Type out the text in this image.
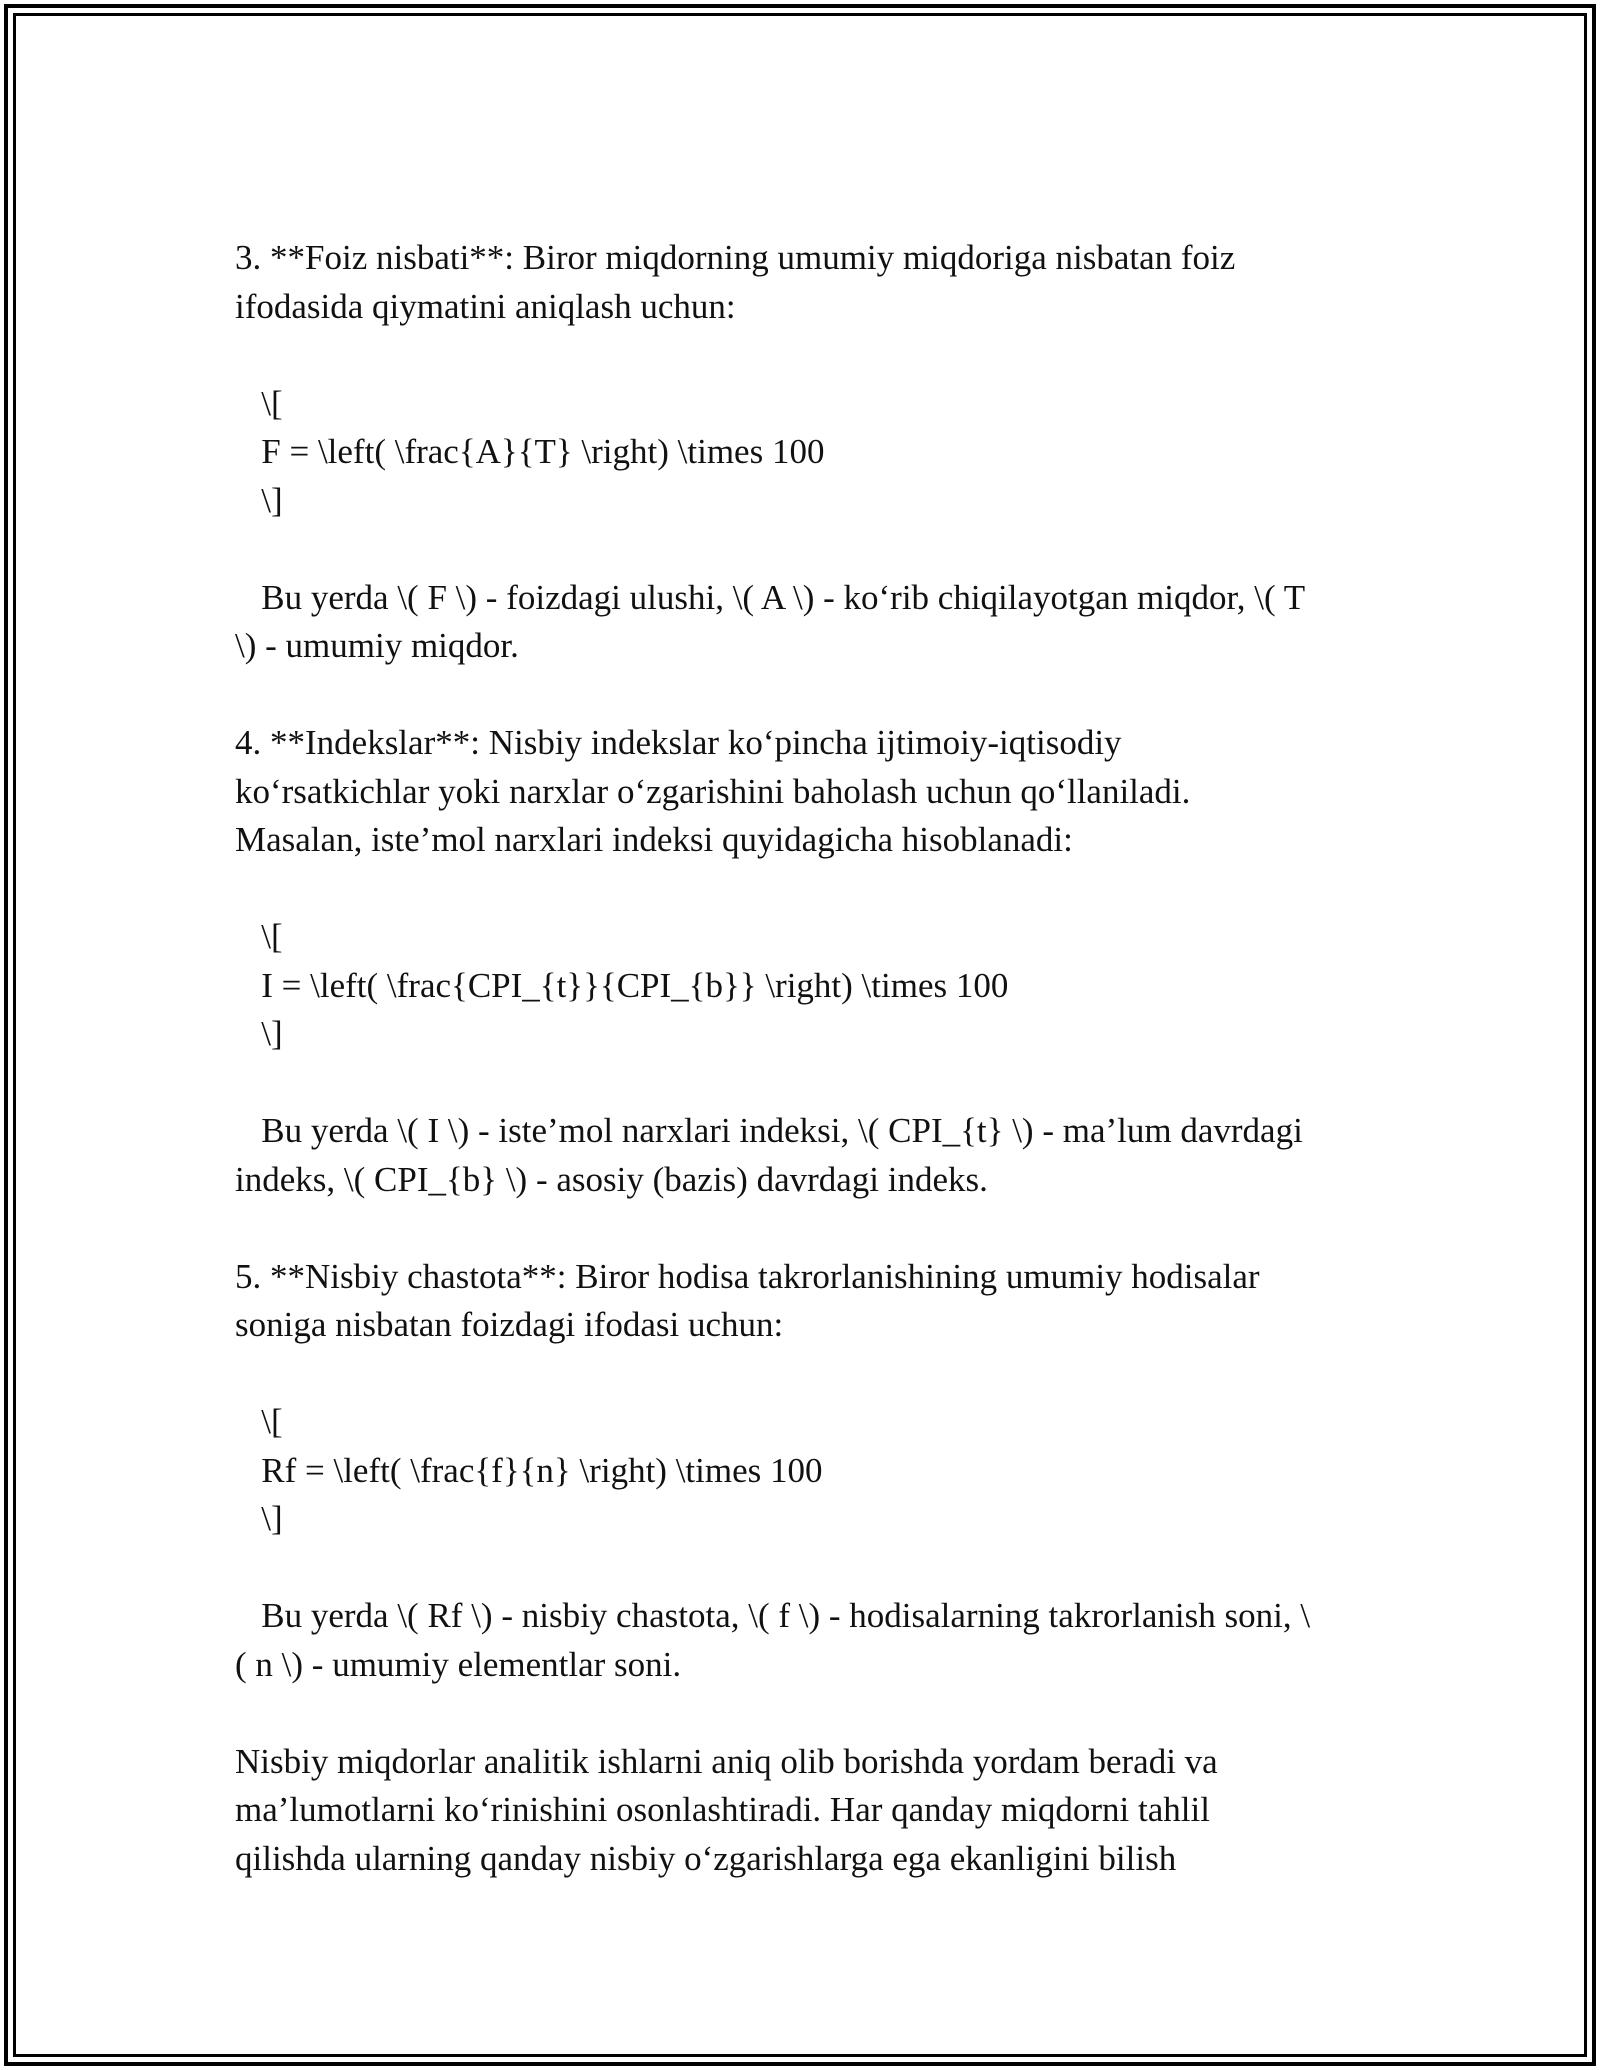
3. **Foiz nisbati**: Biror miqdorning umumiy miqdoriga nisbatan foiz
ifodasida qiymatini aniqlash uchun:
\[
F = \left( \frac{A}{T} \right) \times 100
\]
Bu yerda \( F \) - foizdagi ulushi, \( A \) - ko‘rib chiqilayotgan miqdor, \( T
\) - umumiy miqdor.
4. **Indekslar**: Nisbiy indekslar ko‘pincha ijtimoiy-iqtisodiy
ko‘rsatkichlar yoki narxlar o‘zgarishini baholash uchun qo‘llaniladi.
Masalan, iste’mol narxlari indeksi quyidagicha hisoblanadi:
\[
I = \left( \frac{CPI_{t}}{CPI_{b}} \right) \times 100
\]
Bu yerda \( I \) - iste’mol narxlari indeksi, \( CPI_{t} \) - ma’lum davrdagi
indeks, \( CPI_{b} \) - asosiy (bazis) davrdagi indeks.
5. **Nisbiy chastota**: Biror hodisa takrorlanishining umumiy hodisalar
soniga nisbatan foizdagi ifodasi uchun:
\[
Rf = \left( \frac{f}{n} \right) \times 100
\]
Bu yerda \( Rf \) - nisbiy chastota, \( f \) - hodisalarning takrorlanish soni, \
( n \) - umumiy elementlar soni.
Nisbiy miqdorlar analitik ishlarni aniq olib borishda yordam beradi va
ma’lumotlarni ko‘rinishini osonlashtiradi. Har qanday miqdorni tahlil
qilishda ularning qanday nisbiy o‘zgarishlarga ega ekanligini bilish
